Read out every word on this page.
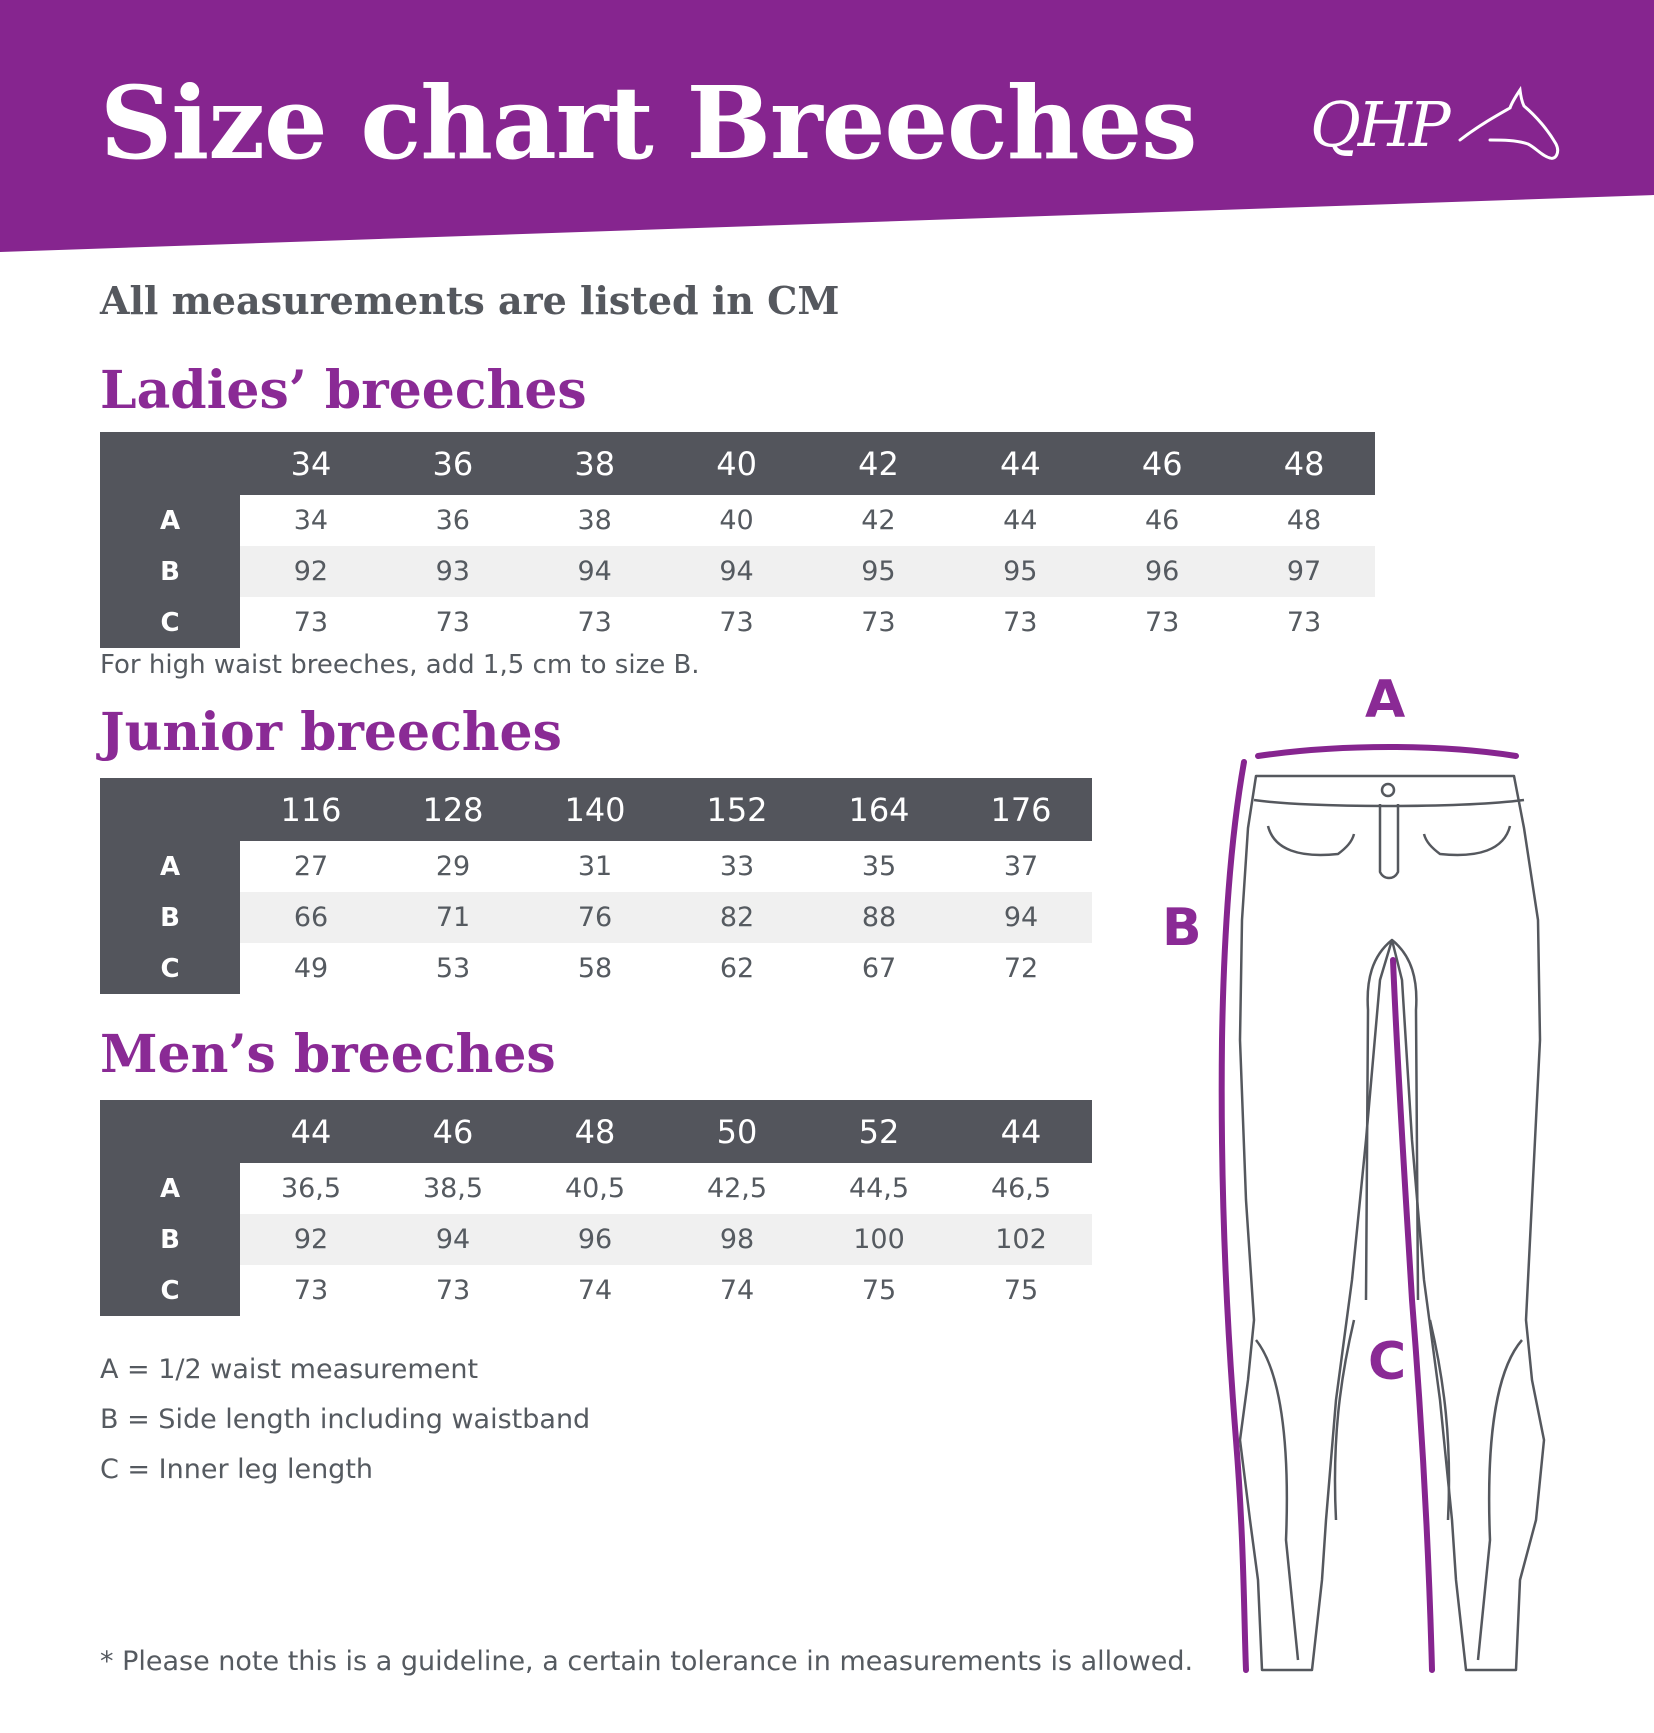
Size chart Breeches QHP

All measurements are listed in CM

Ladies’ breeches
	34	36	38	40	42	44	46	48
A	34	36	38	40	42	44	46	48
B	92	93	94	94	95	95	96	97
C	73	73	73	73	73	73	73	73

For high waist breeches, add 1,5 cm to size B.

Junior breeches
	116	128	140	152	164	176
A	27	29	31	33	35	37
B	66	71	76	82	88	94
C	49	53	58	62	67	72
Men’s breeches
	44	46	48	50	52	44
A	36,5	38,5	40,5	42,5	44,5	46,5
B	92	94	96	98	100	102
C	73	73	74	74	75	75
A = 1/2 waist measurement
B = Side length including waistband
C = Inner leg length

* Please note this is a guideline, a certain tolerance in measurements is allowed.

A
B
C
